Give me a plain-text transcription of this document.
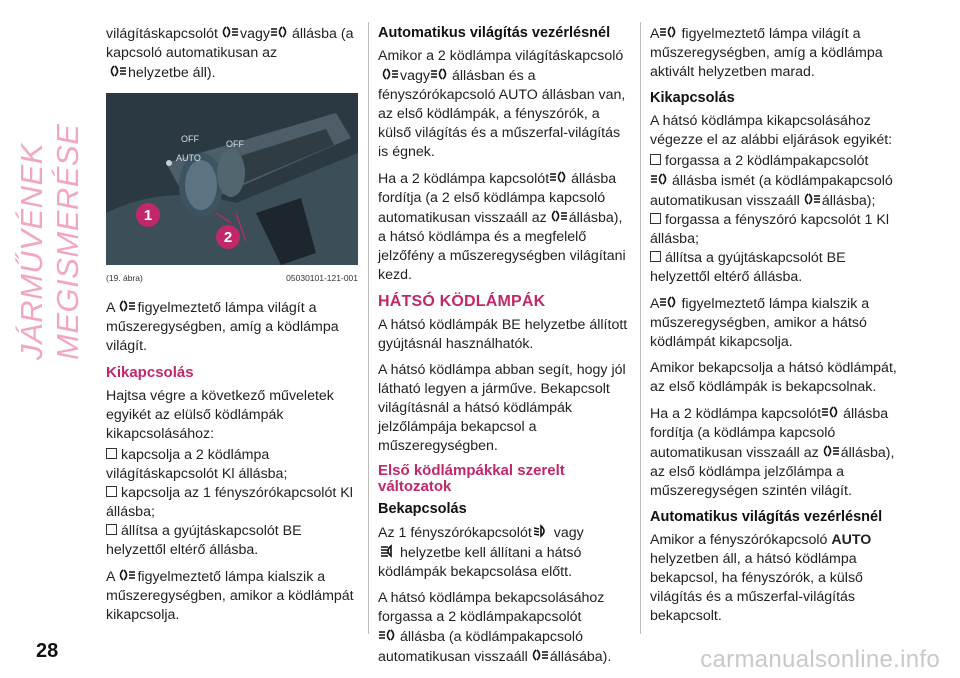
JÁRMŰVÉNEK MEGISMERÉSE

világításkapcsolót vagy állásba (a kapcsoló automatikusan az
helyzetbe áll).

OFF
AUTO
OFF
1
2
(19. ábra)	05030101-121-001

A figyelmeztető lámpa világít a műszeregységben, amíg a ködlámpa világít.

Kikapcsolás

Hajtsa végre a következő műveletek egyikét az elülső ködlámpák kikapcsolásához:

kapcsolja a 2 ködlámpa világításkapcsolót Kl állásba;
kapcsolja az 1 fényszórókapcsolót Kl állásba;
állítsa a gyújtáskapcsolót BE helyzettől eltérő állásba.

A figyelmeztető lámpa kialszik a műszeregységben, amikor a ködlámpát kikapcsolja.

Automatikus világítás vezérlésnél

Amikor a 2 ködlámpa világításkapcsoló
vagy állásban és a fényszórókapcsoló AUTO állásban van, az első ködlámpák, a fényszórók, a külső világítás és a műszerfal-világítás is égnek.

Ha a 2 ködlámpa kapcsolót állásba fordítja (a 2 első ködlámpa kapcsoló automatikusan visszaáll az állásba), a hátsó ködlámpa és a megfelelő jelzőfény a műszeregységben világítani kezd.

HÁTSÓ KÖDLÁMPÁK

A hátsó ködlámpák BE helyzetbe állított gyújtásnál használhatók.

A hátsó ködlámpa abban segít, hogy jól látható legyen a járműve. Bekapcsolt világításnál a hátsó ködlámpák jelzőlámpája bekapcsol a műszeregységben.

Első ködlámpákkal szerelt változatok
Bekapcsolás

Az 1 fényszórókapcsolót vagy
helyzetbe kell állítani a hátsó ködlámpák bekapcsolása előtt.

A hátsó ködlámpa bekapcsolásához forgassa a 2 ködlámpakapcsolót
állásba (a ködlámpakapcsoló automatikusan visszaáll állásába).

A figyelmeztető lámpa világít a műszeregységben, amíg a ködlámpa aktivált helyzetben marad.

Kikapcsolás

A hátsó ködlámpa kikapcsolásához végezze el az alábbi eljárások egyikét:

forgassa a 2 ködlámpakapcsolót
állásba ismét (a ködlámpakapcsoló automatikusan visszaáll állásba);
forgassa a fényszóró kapcsolót 1 Kl állásba;
állítsa a gyújtáskapcsolót BE helyzettől eltérő állásba.

A figyelmeztető lámpa kialszik a műszeregységben, amikor a hátsó ködlámpát kikapcsolja.

Amikor bekapcsolja a hátsó ködlámpát, az első ködlámpák is bekapcsolnak.

Ha a 2 ködlámpa kapcsolót állásba fordítja (a ködlámpa kapcsoló automatikusan visszaáll az állásba), az első ködlámpa jelzőlámpa a műszeregységen szintén világít.

Automatikus világítás vezérlésnél

Amikor a fényszórókapcsoló AUTO helyzetben áll, a hátsó ködlámpa bekapcsol, ha fényszórók, a külső világítás és a műszerfal-világítás bekapcsolt.

28	carmanualsonline.info
